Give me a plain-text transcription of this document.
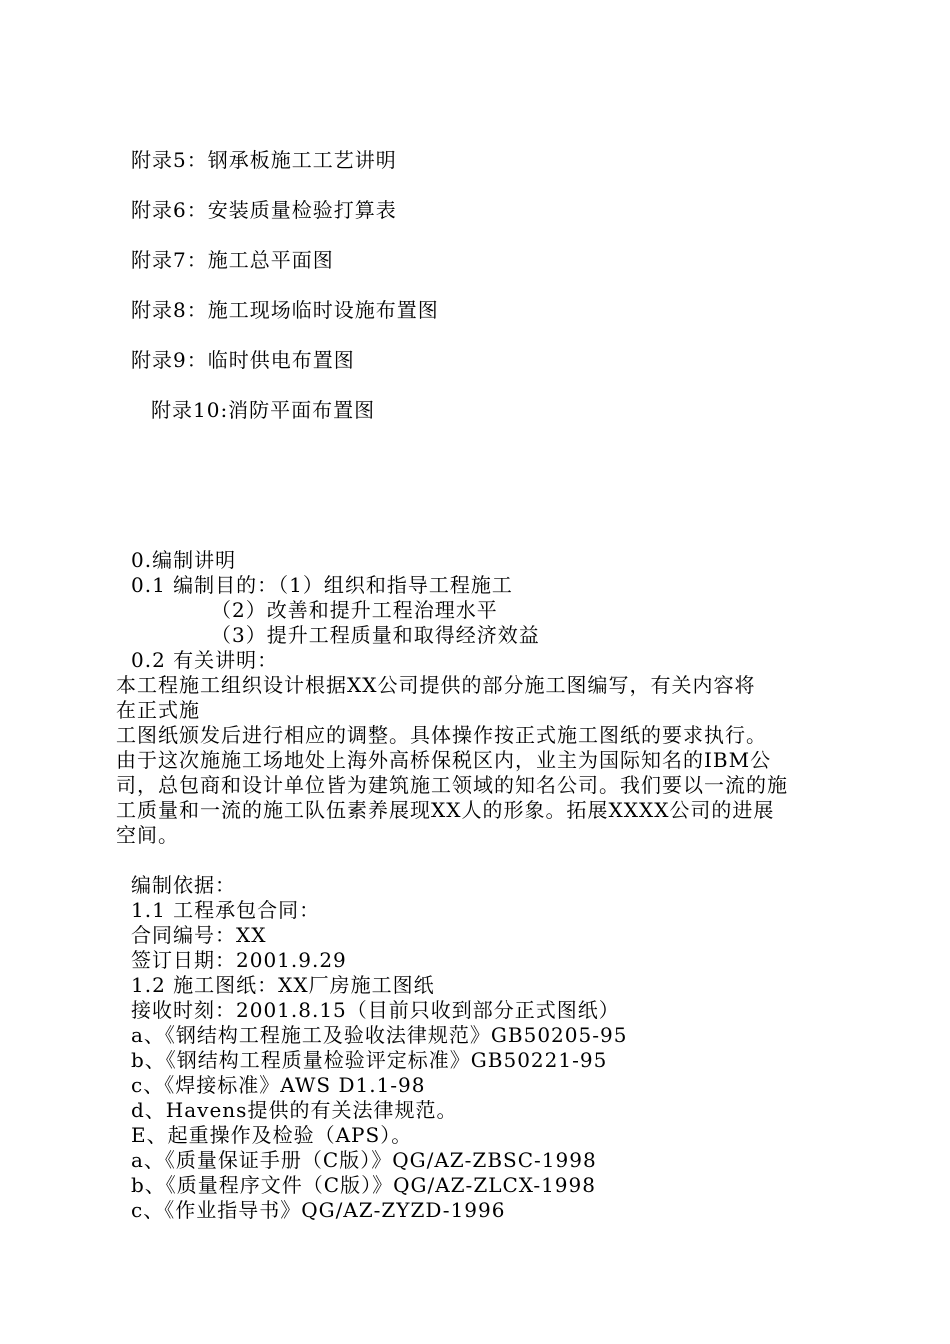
附录5：钢承板施工工艺讲明
附录6：安装质量检验打算表
附录7：施工总平面图
附录8：施工现场临时设施布置图
附录9：临时供电布置图
附录10:消防平面布置图
0.编制讲明
0.1 编制目的：（1）组织和指导工程施工
（2）改善和提升工程治理水平
（3）提升工程质量和取得经济效益
0.2 有关讲明：
本工程施工组织设计根据XX公司提供的部分施工图编写，有关内容将
在正式施
工图纸颁发后进行相应的调整。具体操作按正式施工图纸的要求执行。
由于这次施施工场地处上海外高桥保税区内，业主为国际知名的IBM公
司，总包商和设计单位皆为建筑施工领域的知名公司。我们要以一流的施
工质量和一流的施工队伍素养展现XX人的形象。拓展XXXX公司的进展
空间。
编制依据：
1.1 工程承包合同：
合同编号：XX
签订日期：2001.9.29
1.2 施工图纸：XX厂房施工图纸
接收时刻：2001.8.15（目前只收到部分正式图纸）
a、《钢结构工程施工及验收法律规范》GB50205-95
b、《钢结构工程质量检验评定标准》GB50221-95
c、《焊接标准》AWS D1.1-98
d、Havens提供的有关法律规范。
E、起重操作及检验（APS）。
a、《质量保证手册（C版）》QG/AZ-ZBSC-1998
b、《质量程序文件（C版）》QG/AZ-ZLCX-1998
c、《作业指导书》QG/AZ-ZYZD-1996
